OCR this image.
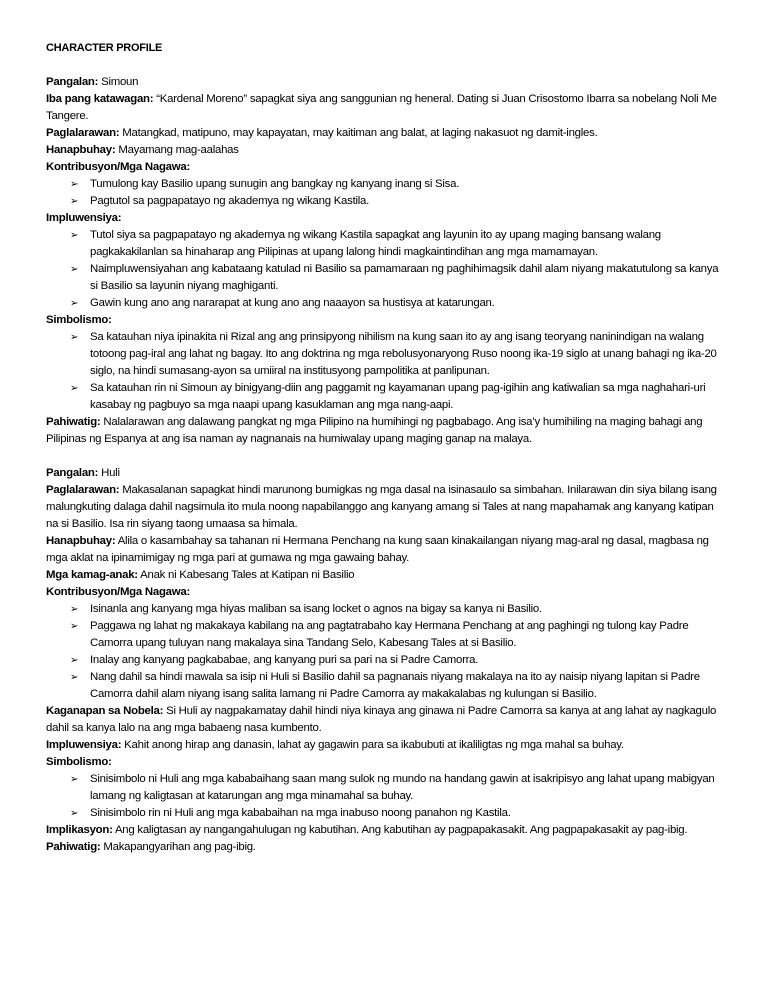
CHARACTER PROFILE

Pangalan: Simoun

Iba pang katawagan: “Kardenal Moreno” sapagkat siya ang sanggunian ng heneral. Dating si Juan Crisostomo Ibarra sa nobelang Noli Me Tangere.

Paglalarawan: Matangkad, matipuno, may kapayatan, may kaitiman ang balat, at laging nakasuot ng damit-ingles.

Hanapbuhay: Mayamang mag-aalahas

Kontribusyon/Mga Nagawa:

➢ Tumulong kay Basilio upang sunugin ang bangkay ng kanyang inang si Sisa.
➢ Pagtutol sa pagpapatayo ng akademya ng wikang Kastila.

Impluwensiya:

➢ Tutol siya sa pagpapatayo ng akademya ng wikang Kastila sapagkat ang layunin ito ay upang maging bansang walang pagkakakilanlan sa hinaharap ang Pilipinas at upang lalong hindi magkaintindihan ang mga mamamayan.
➢ Naimpluwensiyahan ang kabataang katulad ni Basilio sa pamamaraan ng paghihimagsik dahil alam niyang makatutulong sa kanya si Basilio sa layunin niyang maghiganti.
➢ Gawin kung ano ang nararapat at kung ano ang naaayon sa hustisya at katarungan.

Simbolismo:

➢ Sa katauhan niya ipinakita ni Rizal ang ang prinsipyong nihilism na kung saan ito ay ang isang teoryang naninindigan na walang totoong pag-iral ang lahat ng bagay. Ito ang doktrina ng mga rebolusyonaryong Ruso noong ika-19 siglo at unang bahagi ng ika-20 siglo, na hindi sumasang-ayon sa umiiral na institusyong pampolitika at panlipunan.
➢ Sa katauhan rin ni Simoun ay binigyang-diin ang paggamit ng kayamanan upang pag-igihin ang katiwalian sa mga naghahari-uri kasabay ng pagbuyo sa mga naapi upang kasuklaman ang mga nang-aapi.

Pahiwatig: Nalalarawan ang dalawang pangkat ng mga Pilipino na humihingi ng pagbabago. Ang isa’y humihiling na maging bahagi ang Pilipinas ng Espanya at ang isa naman ay nagnanais na humiwalay upang maging ganap na malaya.

Pangalan: Huli

Paglalarawan: Makasalanan sapagkat hindi marunong bumigkas ng mga dasal na isinasaulo sa simbahan. Inilarawan din siya bilang isang malungkuting dalaga dahil nagsimula ito mula noong napabilanggo ang kanyang amang si Tales at nang mapahamak ang kanyang katipan na si Basilio. Isa rin siyang taong umaasa sa himala.

Hanapbuhay: Alila o kasambahay sa tahanan ni Hermana Penchang na kung saan kinakailangan niyang mag-aral ng dasal, magbasa ng mga aklat na ipinamimigay ng mga pari at gumawa ng mga gawaing bahay.

Mga kamag-anak: Anak ni Kabesang Tales at Katipan ni Basilio

Kontribusyon/Mga Nagawa:

➢ Isinanla ang kanyang mga hiyas maliban sa isang locket o agnos na bigay sa kanya ni Basilio.
➢ Paggawa ng lahat ng makakaya kabilang na ang pagtatrabaho kay Hermana Penchang at ang paghingi ng tulong kay Padre Camorra upang tuluyan nang makalaya sina Tandang Selo, Kabesang Tales at si Basilio.
➢ Inalay ang kanyang pagkababae, ang kanyang puri sa pari na si Padre Camorra.
➢ Nang dahil sa hindi mawala sa isip ni Huli si Basilio dahil sa pagnanais niyang makalaya na ito ay naisip niyang lapitan si Padre Camorra dahil alam niyang isang salita lamang ni Padre Camorra ay makakalabas ng kulungan si Basilio.

Kaganapan sa Nobela: Si Huli ay nagpakamatay dahil hindi niya kinaya ang ginawa ni Padre Camorra sa kanya at ang lahat ay nagkagulo dahil sa kanya lalo na ang mga babaeng nasa kumbento.

Impluwensiya: Kahit anong hirap ang danasin, lahat ay gagawin para sa ikabubuti at ikaliligtas ng mga mahal sa buhay.

Simbolismo:

➢ Sinisimbolo ni Huli ang mga kababaihang saan mang sulok ng mundo na handang gawin at isakripisyo ang lahat upang mabigyan lamang ng kaligtasan at katarungan ang mga minamahal sa buhay.
➢ Sinisimbolo rin ni Huli ang mga kababaihan na mga inabuso noong panahon ng Kastila.

Implikasyon: Ang kaligtasan ay nangangahulugan ng kabutihan. Ang kabutihan ay pagpapakasakit. Ang pagpapakasakit ay pag-ibig.

Pahiwatig: Makapangyarihan ang pag-ibig.
